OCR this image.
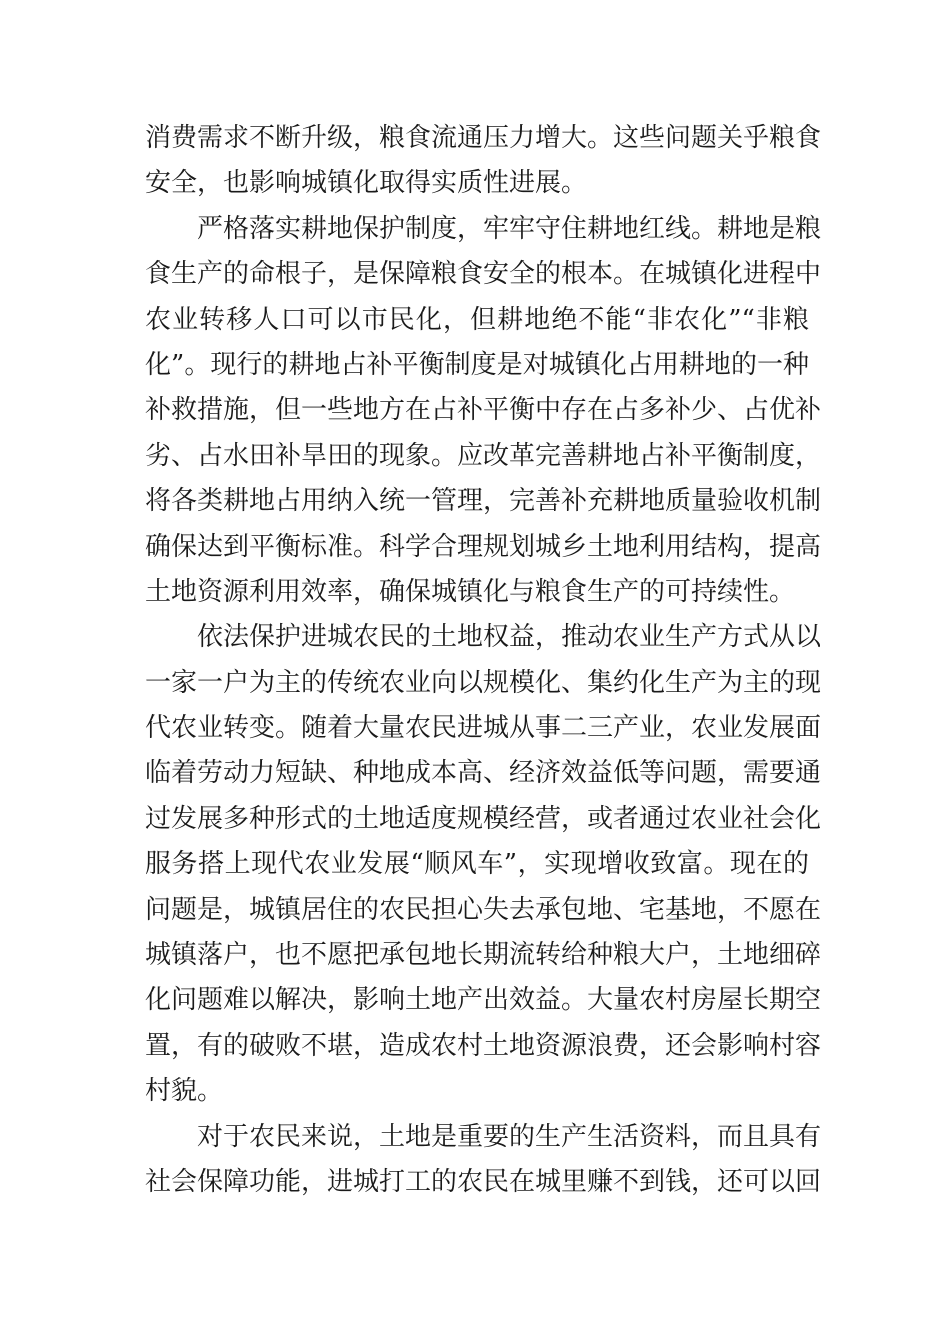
消费需求不断升级，粮食流通压力增大。这些问题关乎粮食
安全，也影响城镇化取得实质性进展。
严格落实耕地保护制度，牢牢守住耕地红线。耕地是粮
食生产的命根子，是保障粮食安全的根本。在城镇化进程中
农业转移人口可以市民化，但耕地绝不能“非农化”“非粮
化”。现行的耕地占补平衡制度是对城镇化占用耕地的一种
补救措施，但一些地方在占补平衡中存在占多补少、占优补
劣、占水田补旱田的现象。应改革完善耕地占补平衡制度，
将各类耕地占用纳入统一管理，完善补充耕地质量验收机制
确保达到平衡标准。科学合理规划城乡土地利用结构，提高
土地资源利用效率，确保城镇化与粮食生产的可持续性。
依法保护进城农民的土地权益，推动农业生产方式从以
一家一户为主的传统农业向以规模化、集约化生产为主的现
代农业转变。随着大量农民进城从事二三产业，农业发展面
临着劳动力短缺、种地成本高、经济效益低等问题，需要通
过发展多种形式的土地适度规模经营，或者通过农业社会化
服务搭上现代农业发展“顺风车”，实现增收致富。现在的
问题是，城镇居住的农民担心失去承包地、宅基地，不愿在
城镇落户，也不愿把承包地长期流转给种粮大户，土地细碎
化问题难以解决，影响土地产出效益。大量农村房屋长期空
置，有的破败不堪，造成农村土地资源浪费，还会影响村容
村貌。
对于农民来说，土地是重要的生产生活资料，而且具有
社会保障功能，进城打工的农民在城里赚不到钱，还可以回
